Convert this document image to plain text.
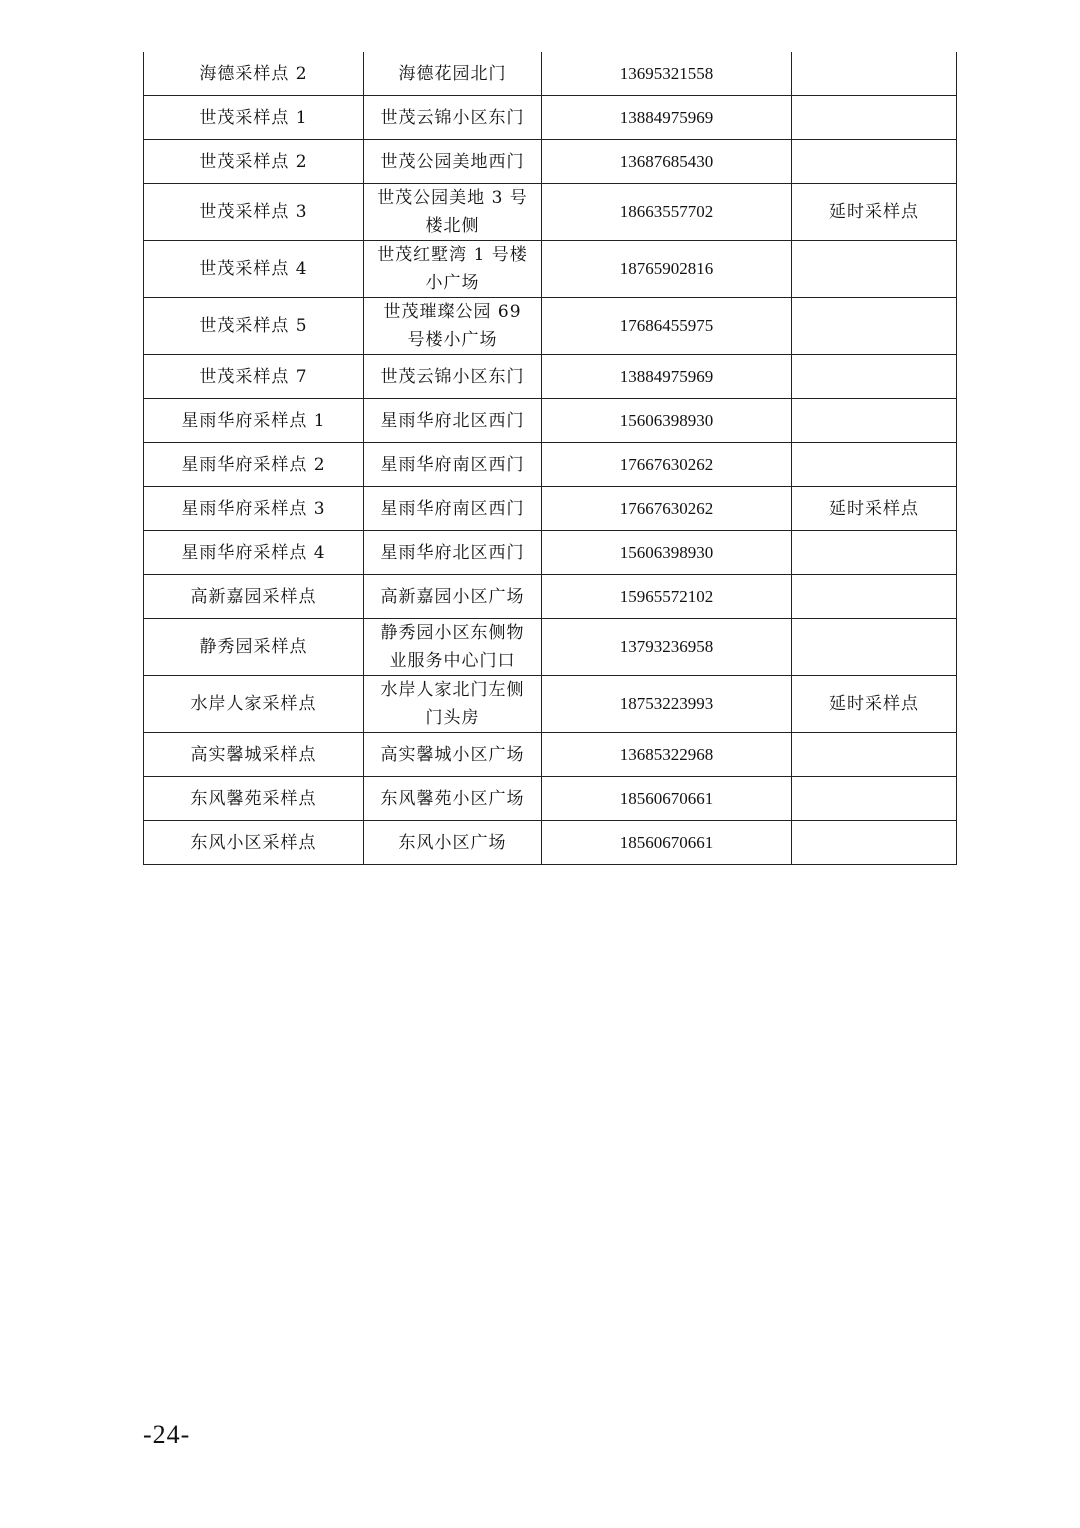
海德采样点 2	海德花园北门	13695321558	
世茂采样点 1	世茂云锦小区东门	13884975969	
世茂采样点 2	世茂公园美地西门	13687685430	
世茂采样点 3	世茂公园美地 3 号楼北侧	18663557702	延时采样点
世茂采样点 4	世茂红墅湾 1 号楼小广场	18765902816	
世茂采样点 5	世茂璀璨公园 69 号楼小广场	17686455975	
世茂采样点 7	世茂云锦小区东门	13884975969	
星雨华府采样点 1	星雨华府北区西门	15606398930	
星雨华府采样点 2	星雨华府南区西门	17667630262	
星雨华府采样点 3	星雨华府南区西门	17667630262	延时采样点
星雨华府采样点 4	星雨华府北区西门	15606398930	
高新嘉园采样点	高新嘉园小区广场	15965572102	
静秀园采样点	静秀园小区东侧物业服务中心门口	13793236958	
水岸人家采样点	水岸人家北门左侧门头房	18753223993	延时采样点
高实馨城采样点	高实馨城小区广场	13685322968	
东风馨苑采样点	东风馨苑小区广场	18560670661	
东风小区采样点	东风小区广场	18560670661	
-24-
